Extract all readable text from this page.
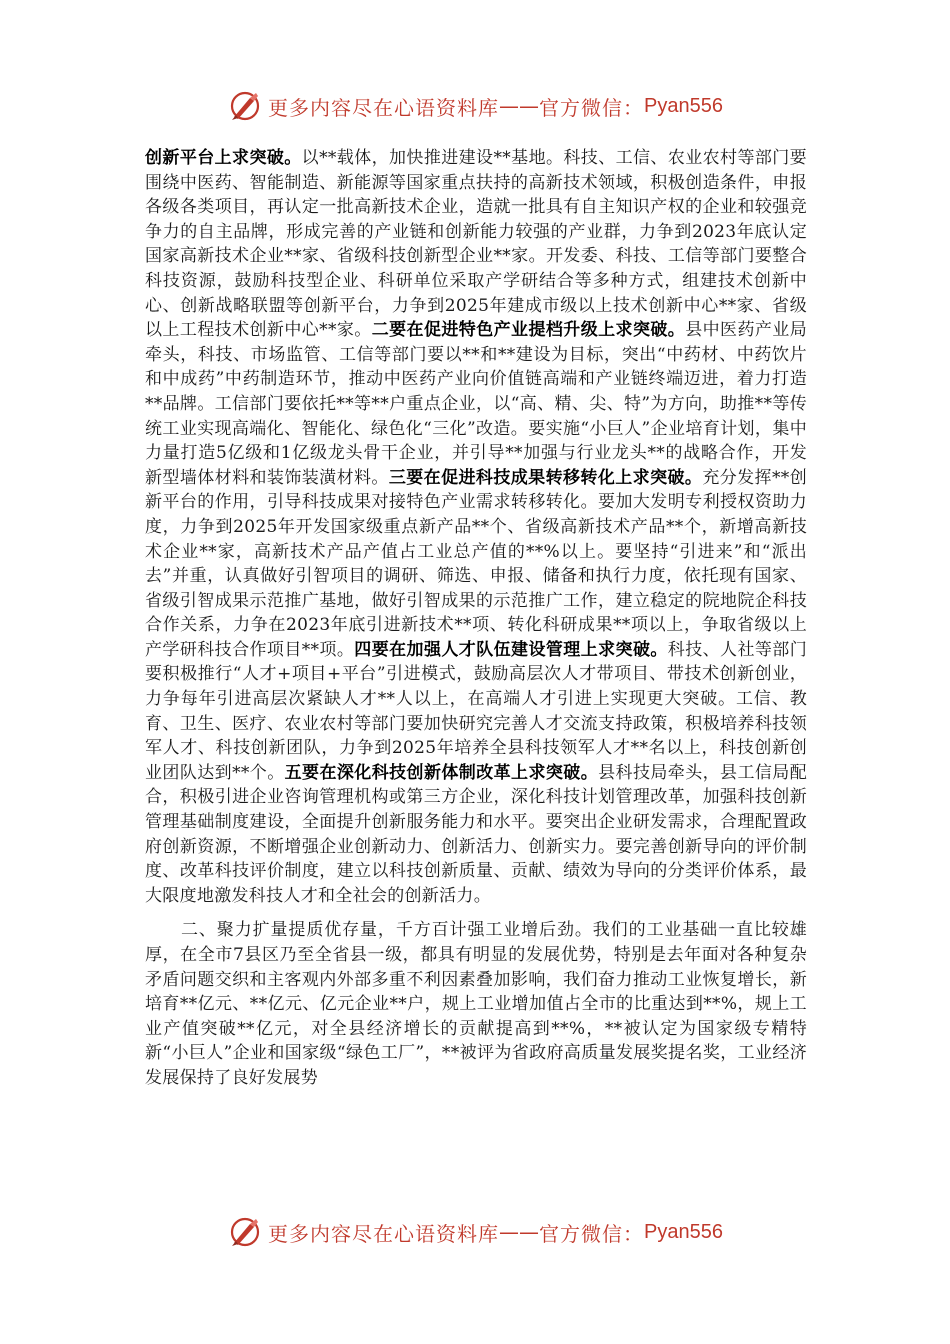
更多内容尽在心语资料库 —— 官方微信： Pyan556

创新平台上求突破。以**载体，加快推进建设**基地。科技、工信、农业农村等部门要围绕中医药、智能制造、新能源等国家重点扶持的高新技术领域，积极创造条件，申报各级各类项目，再认定一批高新技术企业，造就一批具有自主知识产权的企业和较强竞争力的自主品牌，形成完善的产业链和创新能力较强的产业群，力争到2023年底认定国家高新技术企业**家、省级科技创新型企业**家。开发委、科技、工信等部门要整合科技资源，鼓励科技型企业、科研单位采取产学研结合等多种方式，组建技术创新中心、创新战略联盟等创新平台，力争到2025年建成市级以上技术创新中心**家、省级以上工程技术创新中心**家。二要在促进特色产业提档升级上求突破。县中医药产业局牵头，科技、市场监管、工信等部门要以**和**建设为目标，突出“中药材、中药饮片和中成药”中药制造环节，推动中医药产业向价值链高端和产业链终端迈进，着力打造**品牌。工信部门要依托**等**户重点企业，以“高、精、尖、特”为方向，助推**等传统工业实现高端化、智能化、绿色化“三化”改造。要实施“小巨人”企业培育计划，集中力量打造5亿级和1亿级龙头骨干企业，并引导**加强与行业龙头**的战略合作，开发新型墙体材料和装饰装潢材料。三要在促进科技成果转移转化上求突破。充分发挥**创新平台的作用，引导科技成果对接特色产业需求转移转化。要加大发明专利授权资助力度，力争到2025年开发国家级重点新产品**个、省级高新技术产品**个，新增高新技术企业**家，高新技术产品产值占工业总产值的**%以上。要坚持“引进来”和“派出去”并重，认真做好引智项目的调研、筛选、申报、储备和执行力度，依托现有国家、省级引智成果示范推广基地，做好引智成果的示范推广工作，建立稳定的院地院企科技合作关系，力争在2023年底引进新技术**项、转化科研成果**项以上，争取省级以上产学研科技合作项目**项。四要在加强人才队伍建设管理上求突破。科技、人社等部门要积极推行“人才+项目+平台”引进模式，鼓励高层次人才带项目、带技术创新创业，力争每年引进高层次紧缺人才**人以上，在高端人才引进上实现更大突破。工信、教育、卫生、医疗、农业农村等部门要加快研究完善人才交流支持政策，积极培养科技领军人才、科技创新团队，力争到2025年培养全县科技领军人才**名以上，科技创新创业团队达到**个。五要在深化科技创新体制改革上求突破。县科技局牵头，县工信局配合，积极引进企业咨询管理机构或第三方企业，深化科技计划管理改革，加强科技创新管理基础制度建设，全面提升创新服务能力和水平。要突出企业研发需求，合理配置政府创新资源，不断增强企业创新动力、创新活力、创新实力。要完善创新导向的评价制度、改革科技评价制度，建立以科技创新质量、贡献、绩效为导向的分类评价体系，最大限度地激发科技人才和全社会的创新活力。

二、聚力扩量提质优存量，千方百计强工业增后劲。我们的工业基础一直比较雄厚，在全市7县区乃至全省县一级，都具有明显的发展优势，特别是去年面对各种复杂矛盾问题交织和主客观内外部多重不利因素叠加影响，我们奋力推动工业恢复增长，新培育**亿元、**亿元、亿元企业**户，规上工业增加值占全市的比重达到**%，规上工业产值突破**亿元，对全县经济增长的贡献提高到**%，**被认定为国家级专精特新“小巨人”企业和国家级“绿色工厂”，**被评为省政府高质量发展奖提名奖，工业经济发展保持了良好发展势

更多内容尽在心语资料库 —— 官方微信： Pyan556
